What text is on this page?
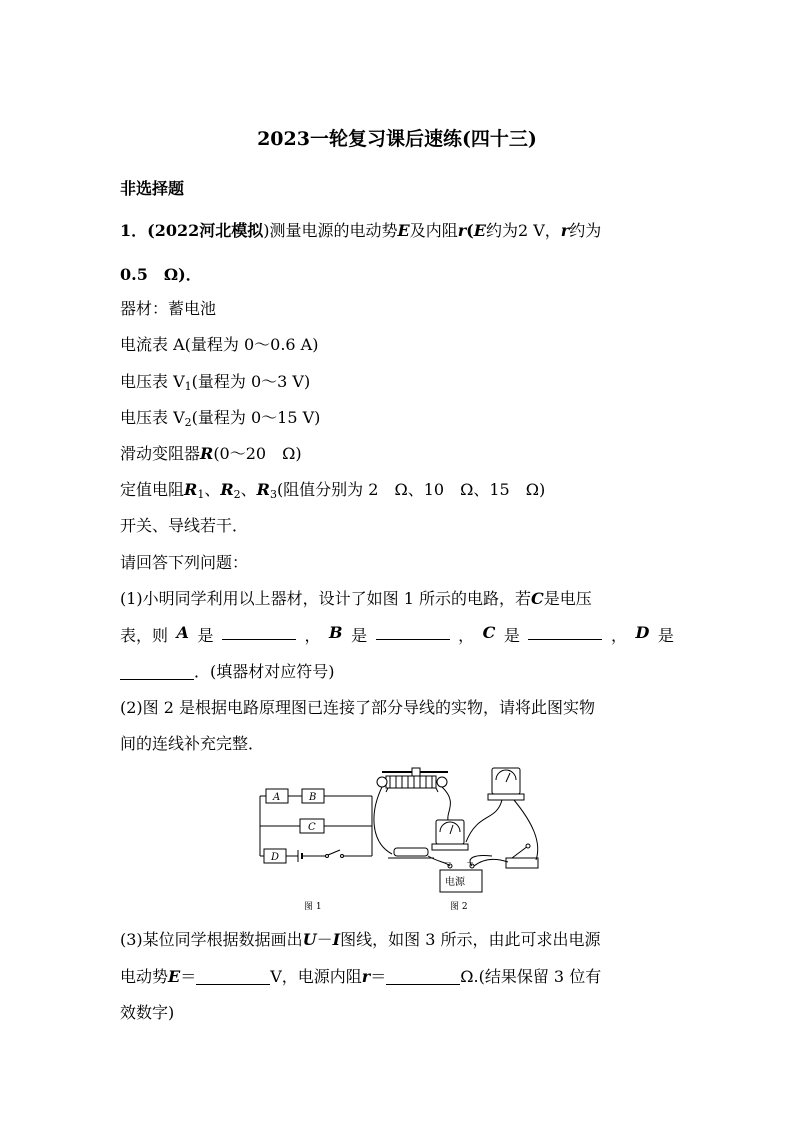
2023一轮复习课后速练(四十三)
非选择题
1．(2022河北模拟)测量电源的电动势E及内阻r(E约为2 V，r约为
0.5　Ω)．
器材：蓄电池
电流表 A(量程为 0～0.6 A)
电压表 $V_1$(量程为 0～3 V)
电压表 $V_2$(量程为 0～15 V)
滑动变阻器R(0～20　Ω)
定值电阻$R_1$、$R_2$、$R_3$(阻值分别为 2　Ω、10　Ω、15　Ω)
开关、导线若干．
请回答下列问题：
(1)小明同学利用以上器材，设计了如图 1 所示的电路，若C是电压
表，则 A 是	， B 是	， C 是	， D 是
．(填器材对应符号)
(2)图 2 是根据电路原理图已连接了部分导线的实物，请将此图实物
间的连线补充完整．
A	B
C
D
图 1
电源
－ ＋
图 2
(3)某位同学根据数据画出U－I图线，如图 3 所示，由此可求出电源
电动势E＝	V，电源内阻r＝	Ω.(结果保留 3 位有
效数字)
